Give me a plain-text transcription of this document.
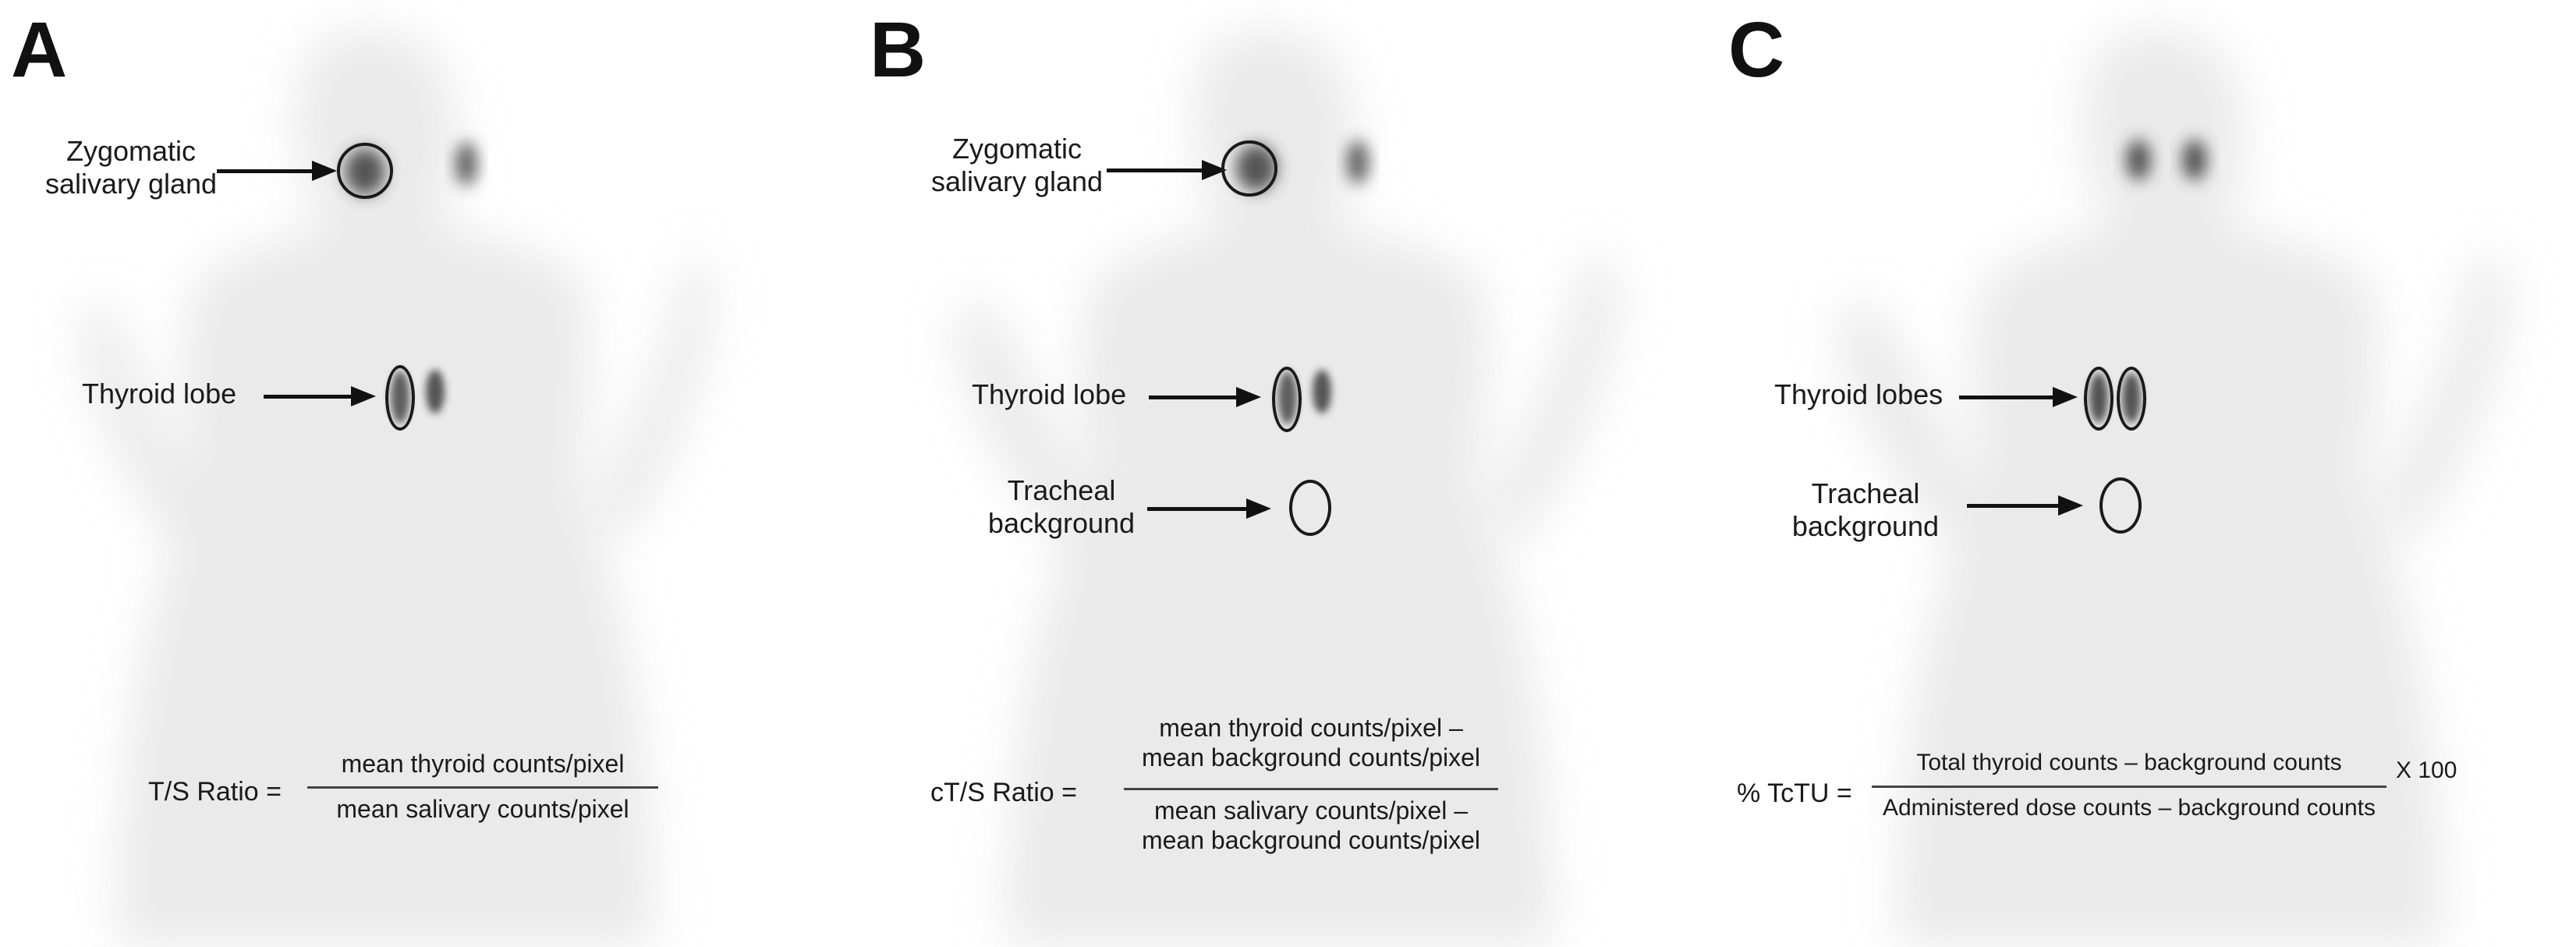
A
Zygomatic
salivary gland
Thyroid lobe
T/S Ratio =
mean thyroid counts/pixel
mean salivary counts/pixel
B
Zygomatic
salivary gland
Thyroid lobe
Tracheal
background
cT/S Ratio =
mean thyroid counts/pixel –
mean background counts/pixel
mean salivary counts/pixel –
mean background counts/pixel
C
Thyroid lobes
Tracheal
background
% TcTU =
Total thyroid counts – background counts
Administered dose counts – background counts
X 100
